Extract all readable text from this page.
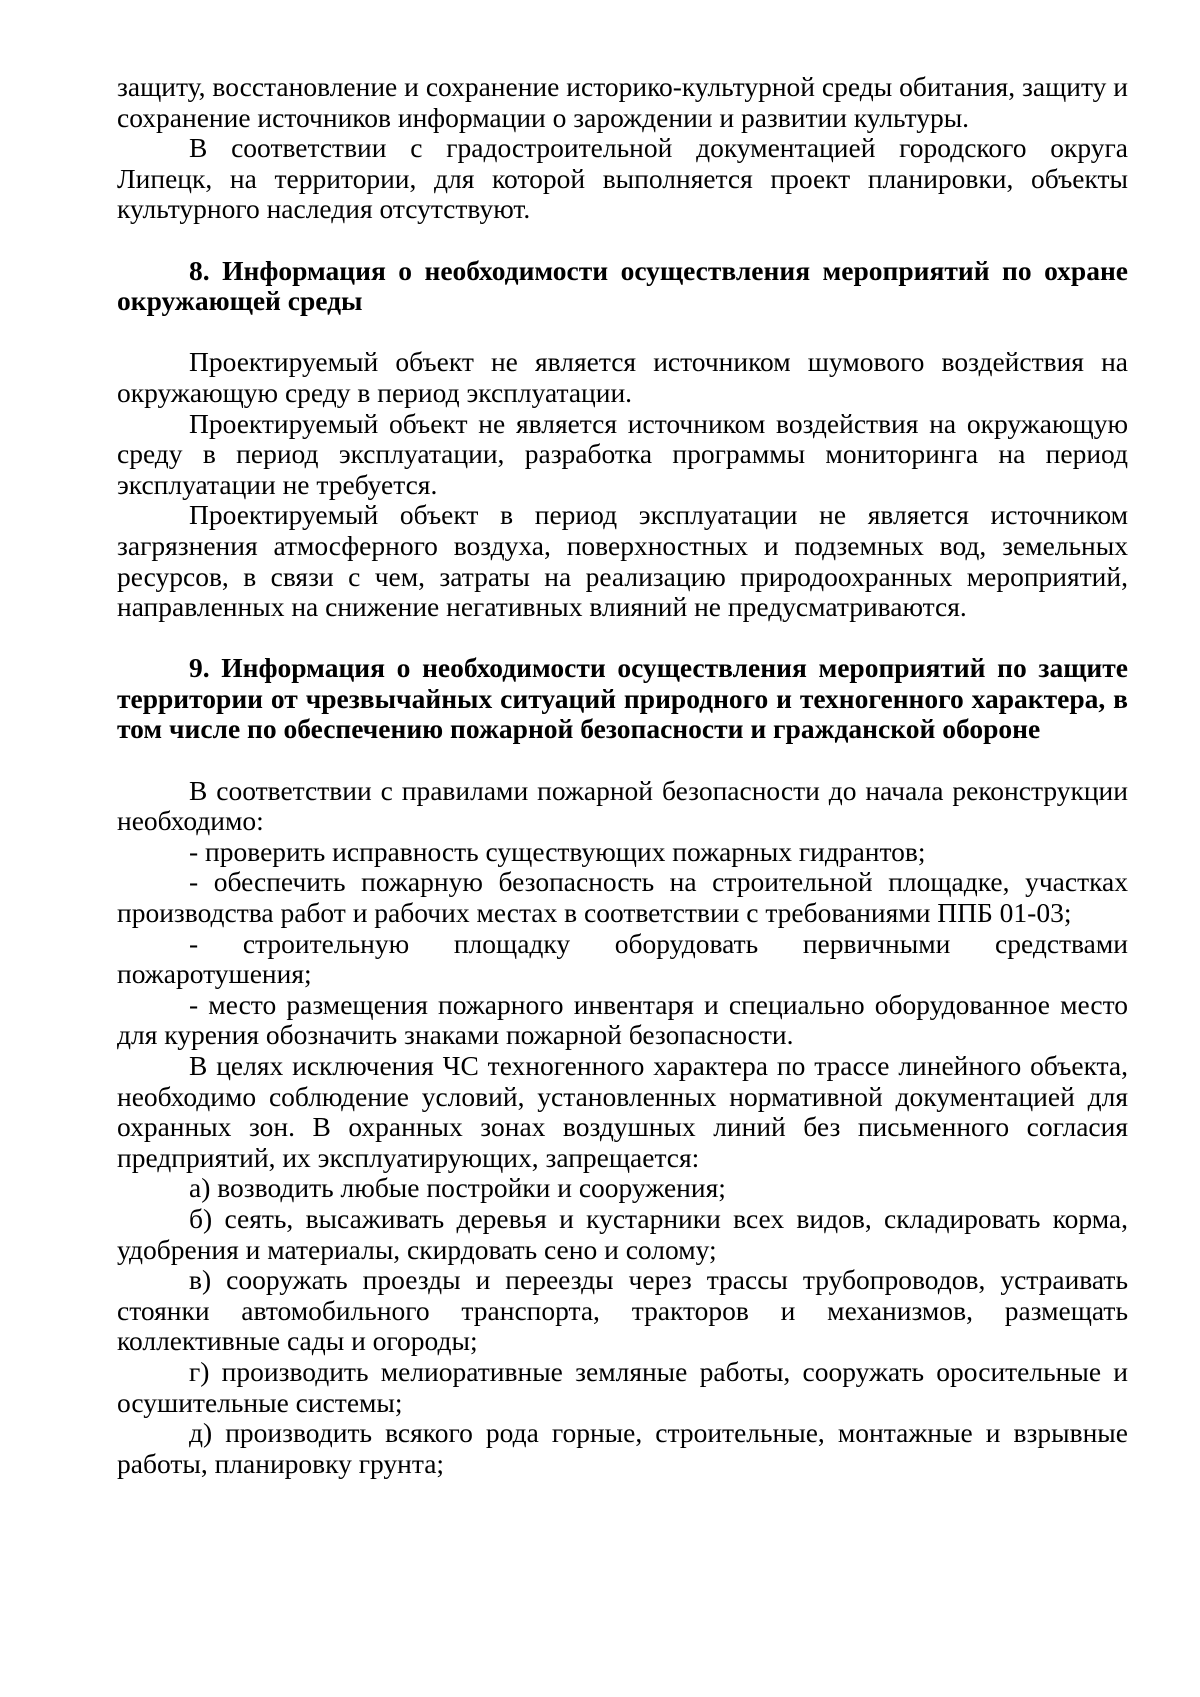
защиту, восстановление и сохранение историко-культурной среды обитания, защиту и сохранение источников информации о зарождении и развитии культуры.

В соответствии с градостроительной документацией городского округа Липецк, на территории, для которой выполняется проект планировки, объекты культурного наследия отсутствуют.

8. Информация о необходимости осуществления мероприятий по охране окружающей среды

Проектируемый объект не является источником шумового воздействия на окружающую среду в период эксплуатации.

Проектируемый объект не является источником воздействия на окружающую среду в период эксплуатации, разработка программы мониторинга на период эксплуатации не требуется.

Проектируемый объект в период эксплуатации не является источником загрязнения атмосферного воздуха, поверхностных и подземных вод, земельных ресурсов, в связи с чем, затраты на реализацию природоохранных мероприятий, направленных на снижение негативных влияний не предусматриваются.

9. Информация о необходимости осуществления мероприятий по защите территории от чрезвычайных ситуаций природного и техногенного характера, в том числе по обеспечению пожарной безопасности и гражданской обороне

В соответствии с правилами пожарной безопасности до начала реконструкции необходимо:

- проверить исправность существующих пожарных гидрантов;

- обеспечить пожарную безопасность на строительной площадке, участках производства работ и рабочих местах в соответствии с требованиями ППБ 01-03;

- строительную площадку оборудовать первичными средствами пожаротушения;

- место размещения пожарного инвентаря и специально оборудованное место для курения обозначить знаками пожарной безопасности.

В целях исключения ЧС техногенного характера по трассе линейного объекта, необходимо соблюдение условий, установленных нормативной документацией для охранных зон. В охранных зонах воздушных линий без письменного согласия предприятий, их эксплуатирующих, запрещается:

а) возводить любые постройки и сооружения;

б) сеять, высаживать деревья и кустарники всех видов, складировать корма, удобрения и материалы, скирдовать сено и солому;

в) сооружать проезды и переезды через трассы трубопроводов, устраивать стоянки автомобильного транспорта, тракторов и механизмов, размещать коллективные сады и огороды;

г) производить мелиоративные земляные работы, сооружать оросительные и осушительные системы;

д) производить всякого рода горные, строительные, монтажные и взрывные работы, планировку грунта;
